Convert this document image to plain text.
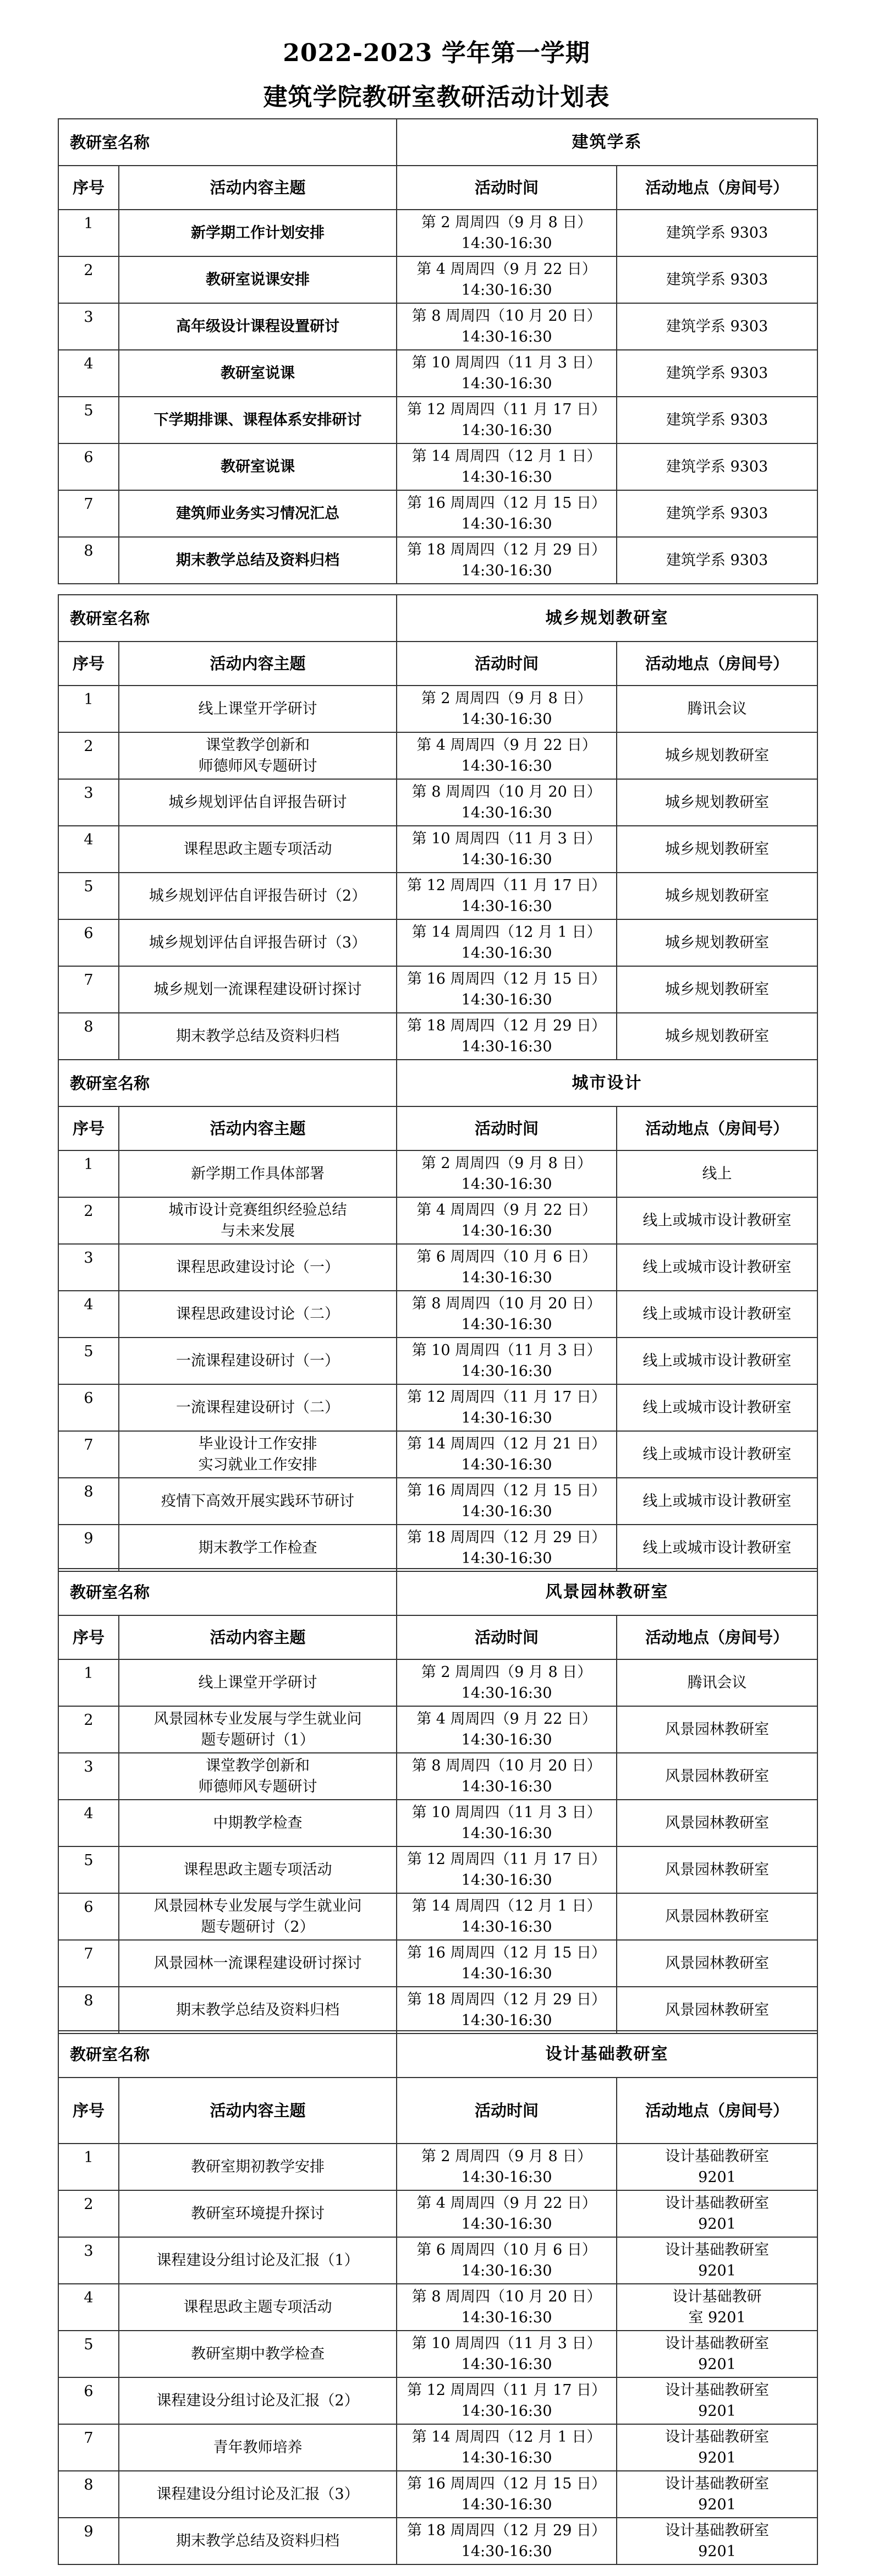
2022-2023 学年第一学期
建筑学院教研室教研活动计划表
教研室名称		建筑学系	
序号	活动内容主题	活动时间	活动地点（房间号）
1	新学期工作计划安排	第 2 周周四（9 月 8 日）
14:30-16:30	建筑学系 9303
2	教研室说课安排	第 4 周周四（9 月 22 日）
14:30-16:30	建筑学系 9303
3	高年级设计课程设置研讨	第 8 周周四（10 月 20 日）
14:30-16:30	建筑学系 9303
4	教研室说课	第 10 周周四（11 月 3 日）
14:30-16:30	建筑学系 9303
5	下学期排课、课程体系安排研讨	第 12 周周四（11 月 17 日）
14:30-16:30	建筑学系 9303
6	教研室说课	第 14 周周四（12 月 1 日）
14:30-16:30	建筑学系 9303
7	建筑师业务实习情况汇总	第 16 周周四（12 月 15 日）
14:30-16:30	建筑学系 9303
8	期末教学总结及资料归档	第 18 周周四（12 月 29 日）
14:30-16:30	建筑学系 9303
教研室名称		城乡规划教研室	
序号	活动内容主题	活动时间	活动地点（房间号）
1	线上课堂开学研讨	第 2 周周四（9 月 8 日）
14:30-16:30	腾讯会议
2	课堂教学创新和
师德师风专题研讨	第 4 周周四（9 月 22 日）
14:30-16:30	城乡规划教研室
3	城乡规划评估自评报告研讨	第 8 周周四（10 月 20 日）
14:30-16:30	城乡规划教研室
4	课程思政主题专项活动	第 10 周周四（11 月 3 日）
14:30-16:30	城乡规划教研室
5	城乡规划评估自评报告研讨（2）	第 12 周周四（11 月 17 日）
14:30-16:30	城乡规划教研室
6	城乡规划评估自评报告研讨（3）	第 14 周周四（12 月 1 日）
14:30-16:30	城乡规划教研室
7	城乡规划一流课程建设研讨探讨	第 16 周周四（12 月 15 日）
14:30-16:30	城乡规划教研室
8	期末教学总结及资料归档	第 18 周周四（12 月 29 日）
14:30-16:30	城乡规划教研室
教研室名称		城市设计	
序号	活动内容主题	活动时间	活动地点（房间号）
1	新学期工作具体部署	第 2 周周四（9 月 8 日）
14:30-16:30	线上
2	城市设计竞赛组织经验总结
与未来发展	第 4 周周四（9 月 22 日）
14:30-16:30	线上或城市设计教研室
3	课程思政建设讨论（一）	第 6 周周四（10 月 6 日）
14:30-16:30	线上或城市设计教研室
4	课程思政建设讨论（二）	第 8 周周四（10 月 20 日）
14:30-16:30	线上或城市设计教研室
5	一流课程建设研讨（一）	第 10 周周四（11 月 3 日）
14:30-16:30	线上或城市设计教研室
6	一流课程建设研讨（二）	第 12 周周四（11 月 17 日）
14:30-16:30	线上或城市设计教研室
7	毕业设计工作安排
实习就业工作安排	第 14 周周四（12 月 21 日）
14:30-16:30	线上或城市设计教研室
8	疫情下高效开展实践环节研讨	第 16 周周四（12 月 15 日）
14:30-16:30	线上或城市设计教研室
9	期末教学工作检查	第 18 周周四（12 月 29 日）
14:30-16:30	线上或城市设计教研室
教研室名称		风景园林教研室	
序号	活动内容主题	活动时间	活动地点（房间号）
1	线上课堂开学研讨	第 2 周周四（9 月 8 日）
14:30-16:30	腾讯会议
2	风景园林专业发展与学生就业问
题专题研讨（1）	第 4 周周四（9 月 22 日）
14:30-16:30	风景园林教研室
3	课堂教学创新和
师德师风专题研讨	第 8 周周四（10 月 20 日）
14:30-16:30	风景园林教研室
4	中期教学检查	第 10 周周四（11 月 3 日）
14:30-16:30	风景园林教研室
5	课程思政主题专项活动	第 12 周周四（11 月 17 日）
14:30-16:30	风景园林教研室
6	风景园林专业发展与学生就业问
题专题研讨（2）	第 14 周周四（12 月 1 日）
14:30-16:30	风景园林教研室
7	风景园林一流课程建设研讨探讨	第 16 周周四（12 月 15 日）
14:30-16:30	风景园林教研室
8	期末教学总结及资料归档	第 18 周周四（12 月 29 日）
14:30-16:30	风景园林教研室
教研室名称		设计基础教研室	
序号	活动内容主题	活动时间	活动地点（房间号）
1	教研室期初教学安排	第 2 周周四（9 月 8 日）
14:30-16:30	设计基础教研室
9201
2	教研室环境提升探讨	第 4 周周四（9 月 22 日）
14:30-16:30	设计基础教研室
9201
3	课程建设分组讨论及汇报（1）	第 6 周周四（10 月 6 日）
14:30-16:30	设计基础教研室
9201
4	课程思政主题专项活动	第 8 周周四（10 月 20 日）
14:30-16:30	设计基础教研
室 9201
5	教研室期中教学检查	第 10 周周四（11 月 3 日）
14:30-16:30	设计基础教研室
9201
6	课程建设分组讨论及汇报（2）	第 12 周周四（11 月 17 日）
14:30-16:30	设计基础教研室
9201
7	青年教师培养	第 14 周周四（12 月 1 日）
14:30-16:30	设计基础教研室
9201
8	课程建设分组讨论及汇报（3）	第 16 周周四（12 月 15 日）
14:30-16:30	设计基础教研室
9201
9	期末教学总结及资料归档	第 18 周周四（12 月 29 日）
14:30-16:30	设计基础教研室
9201
